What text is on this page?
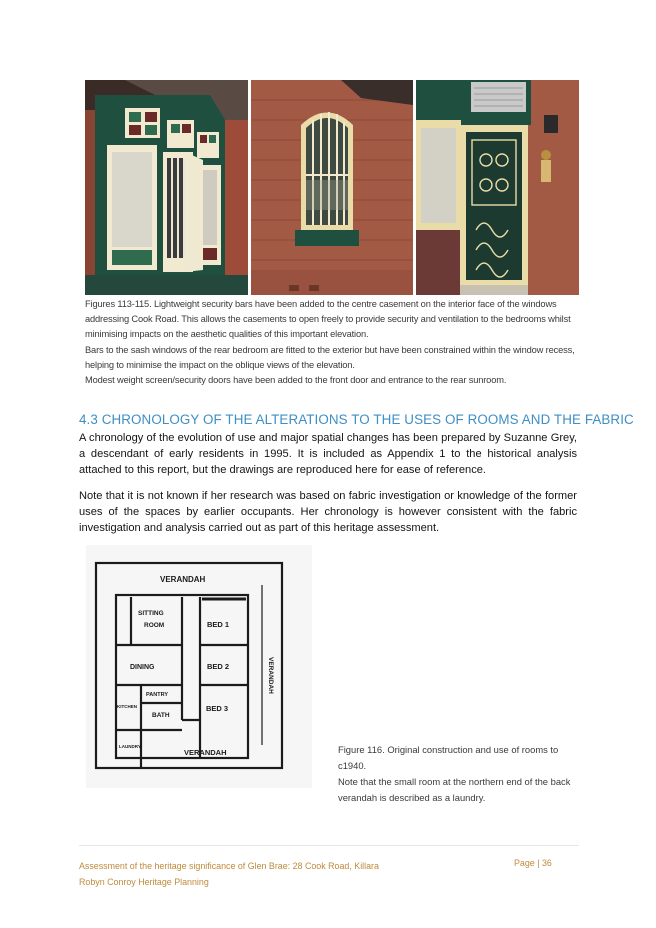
Figures 113-115. Lightweight security bars have been added to the centre casement on the interior face of the windows addressing Cook Road. This allows the casements to open freely to provide security and ventilation to the bedrooms whilst minimising impacts on the aesthetic qualities of this important elevation.

Bars to the sash windows of the rear bedroom are fitted to the exterior but have been constrained within the window recess, helping to minimise the impact on the oblique views of the elevation.

Modest weight screen/security doors have been added to the front door and entrance to the rear sunroom.

4.3 CHRONOLOGY OF THE ALTERATIONS TO THE USES OF ROOMS AND THE FABRIC

A chronology of the evolution of use and major spatial changes has been prepared by Suzanne Grey, a descendant of early residents in 1995. It is included as Appendix 1 to the historical analysis attached to this report, but the drawings are reproduced here for ease of reference.

Note that it is not known if her research was based on fabric investigation or knowledge of the former uses of the spaces by earlier occupants. Her chronology is however consistent with the fabric investigation and analysis carried out as part of this heritage assessment.

VERANDAH
SITTING
ROOM	BED 1
DINING	BED 2
PANTRY
KITCHEN
BATH
BED 3
LAUNDRY
VERANDAH
VERANDAH

Figure 116. Original construction and use of rooms to c1940.

Note that the small room at the northern end of the back

verandah is described as a laundry.

Assessment of the heritage significance of Glen Brae: 28 Cook Road, Killara
Robyn Conroy Heritage Planning
Page | 36
